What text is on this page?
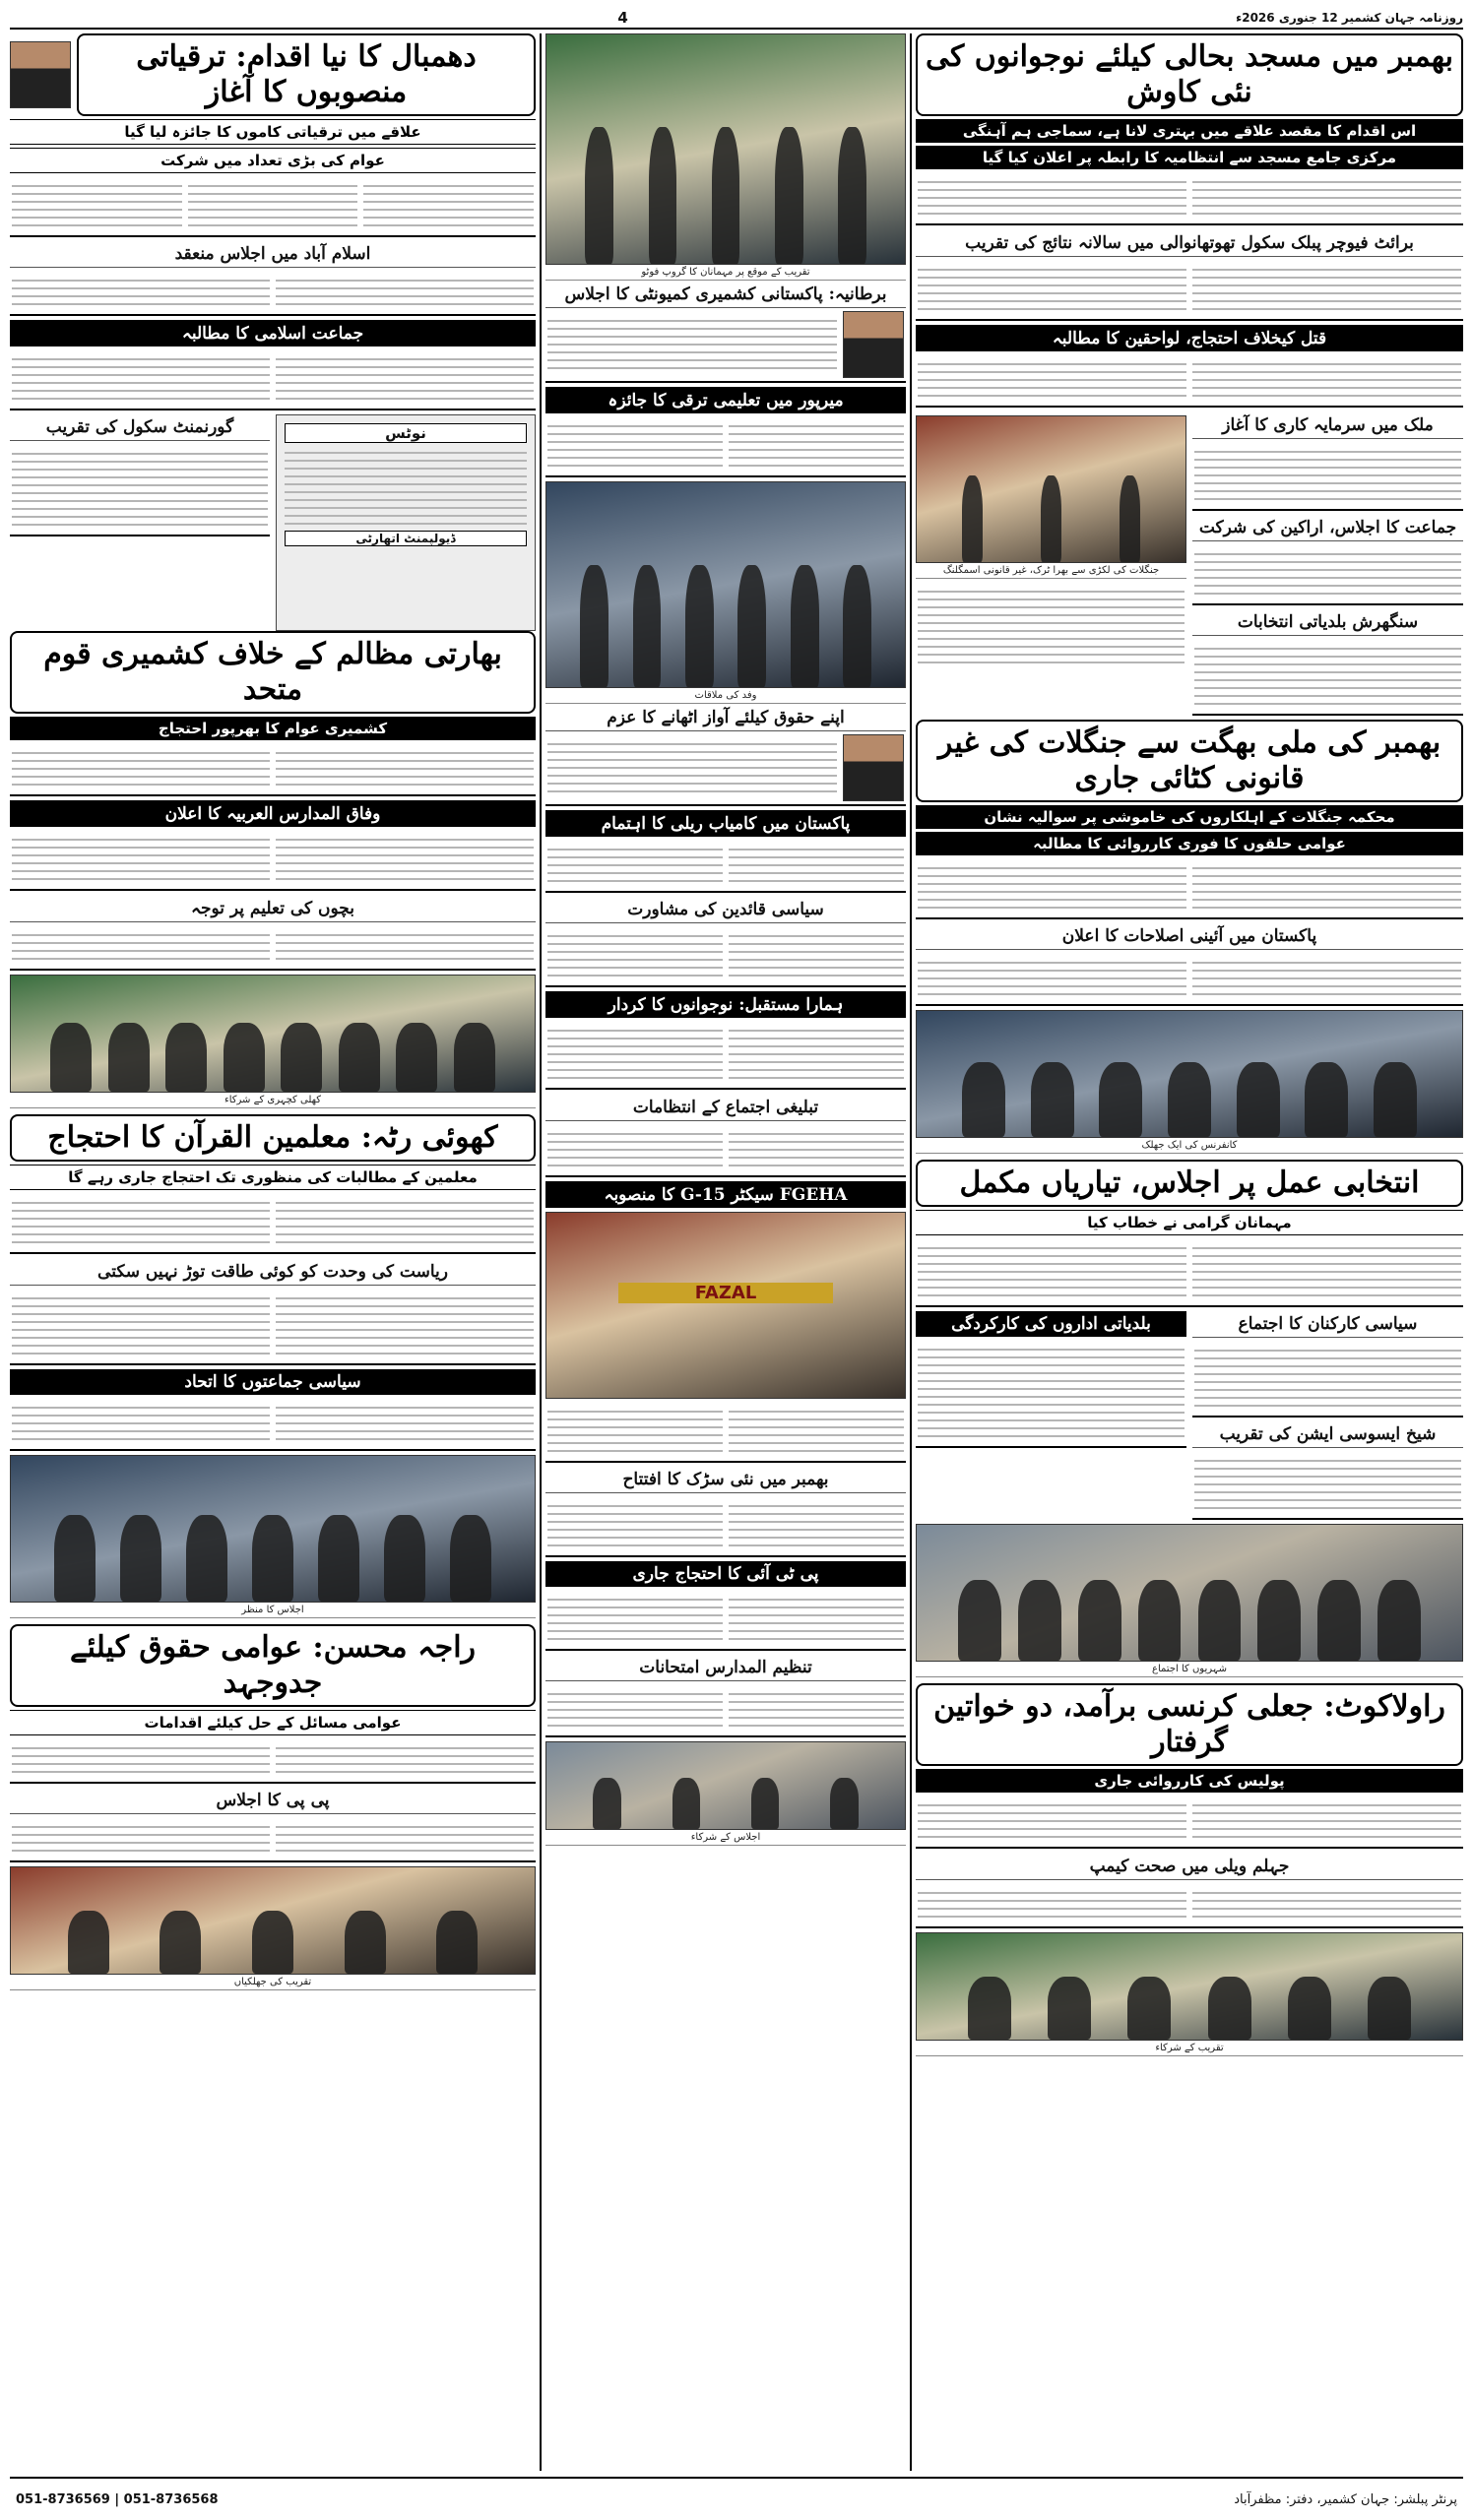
روزنامہ جہان کشمیر 12 جنوری 2026ء
4
بھمبر میں مسجد بحالی کیلئے نوجوانوں کی نئی کاوش
اس اقدام کا مقصد علاقے میں بہتری لانا ہے، سماجی ہم آہنگی
مرکزی جامع مسجد سے انتظامیہ کا رابطہ پر اعلان کیا گیا
برائٹ فیوچر پبلک سکول تھوتھانوالی میں سالانہ نتائج کی تقریب
قتل کیخلاف احتجاج، لواحقین کا مطالبہ
ملک میں سرمایہ کاری کا آغاز
جماعت کا اجلاس، اراکین کی شرکت
سنگھرش بلدیاتی انتخابات
جنگلات کی لکڑی سے بھرا ٹرک، غیر قانونی اسمگلنگ
بھمبر کی ملی بھگت سے جنگلات کی غیر قانونی کٹائی جاری
محکمہ جنگلات کے اہلکاروں کی خاموشی پر سوالیہ نشان
عوامی حلقوں کا فوری کارروائی کا مطالبہ
پاکستان میں آئینی اصلاحات کا اعلان
کانفرنس کی ایک جھلک
انتخابی عمل پر اجلاس، تیاریاں مکمل
مہمانان گرامی نے خطاب کیا
سیاسی کارکنان کا اجتماع
شیخ ایسوسی ایشن کی تقریب
بلدیاتی اداروں کی کارکردگی
شہریوں کا اجتماع
راولاکوٹ: جعلی کرنسی برآمد، دو خواتین گرفتار
پولیس کی کارروائی جاری
جہلم ویلی میں صحت کیمپ
تقریب کے شرکاء
تقریب کے موقع پر مہمانان کا گروپ فوٹو
برطانیہ: پاکستانی کشمیری کمیونٹی کا اجلاس
میرپور میں تعلیمی ترقی کا جائزہ
وفد کی ملاقات
اپنے حقوق کیلئے آواز اٹھانے کا عزم
پاکستان میں کامیاب ریلی کا اہتمام
سیاسی قائدین کی مشاورت
ہمارا مستقبل: نوجوانوں کا کردار
تبلیغی اجتماع کے انتظامات
FGEHA سیکٹر G-15 کا منصوبہ
FAZAL
بھمبر میں نئی سڑک کا افتتاح
پی ٹی آئی کا احتجاج جاری
تنظیم المدارس امتحانات
اجلاس کے شرکاء
دھمبال کا نیا اقدام: ترقیاتی منصوبوں کا آغاز
علاقے میں ترقیاتی کاموں کا جائزہ لیا گیا
عوام کی بڑی تعداد میں شرکت
اسلام آباد میں اجلاس منعقد
جماعت اسلامی کا مطالبہ
نوٹس
ڈیولپمنٹ اتھارٹی
گورنمنٹ سکول کی تقریب
بھارتی مظالم کے خلاف کشمیری قوم متحد
کشمیری عوام کا بھرپور احتجاج
وفاق المدارس العربیہ کا اعلان
بچوں کی تعلیم پر توجہ
کھلی کچہری کے شرکاء
کھوئی رٹہ: معلمین القرآن کا احتجاج
معلمین کے مطالبات کی منظوری تک احتجاج جاری رہے گا
ریاست کی وحدت کو کوئی طاقت توڑ نہیں سکتی
سیاسی جماعتوں کا اتحاد
اجلاس کا منظر
راجہ محسن: عوامی حقوق کیلئے جدوجہد
عوامی مسائل کے حل کیلئے اقدامات
پی پی کا اجلاس
تقریب کی جھلکیاں
پرنٹر پبلشر: جہان کشمیر، دفتر: مظفرآباد
051-8736569 | 051-8736568
